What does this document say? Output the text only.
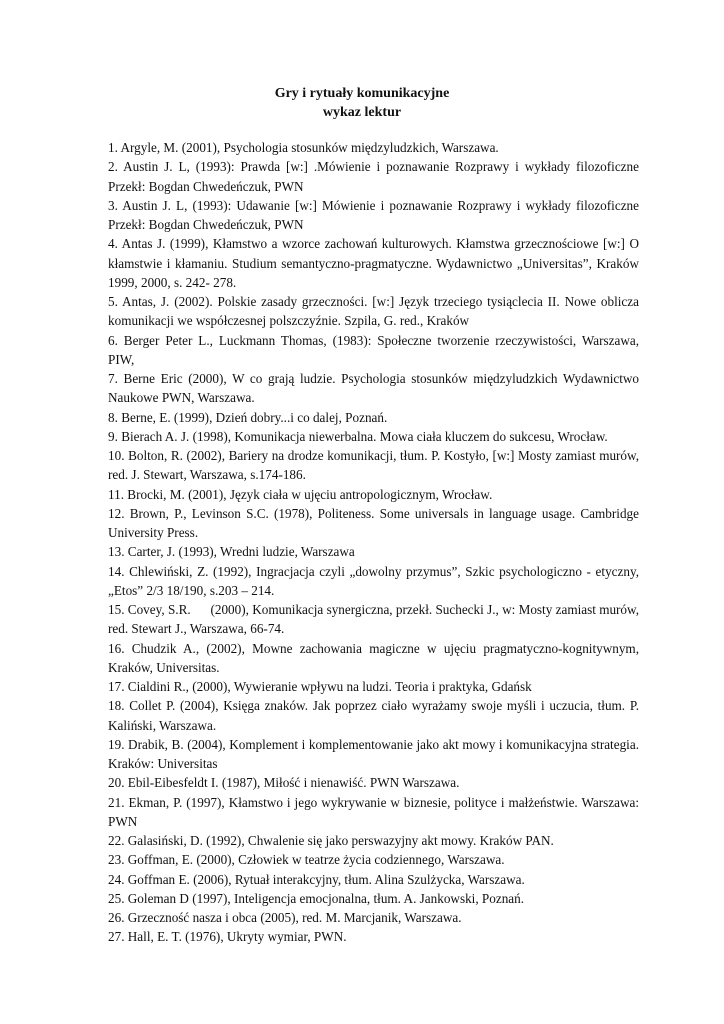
Gry i rytuały komunikacyjne
wykaz lektur
1. Argyle, M. (2001), Psychologia stosunków międzyludzkich, Warszawa.
2. Austin J. L, (1993): Prawda [w:] .Mówienie i poznawanie Rozprawy i wykłady filozoficzne Przekł: Bogdan Chwedeńczuk, PWN
3. Austin J. L, (1993): Udawanie [w:] Mówienie i poznawanie Rozprawy i wykłady filozoficzne Przekł: Bogdan Chwedeńczuk, PWN
4. Antas J. (1999), Kłamstwo a wzorce zachowań kulturowych. Kłamstwa grzecznościowe [w:] O kłamstwie i kłamaniu. Studium semantyczno-pragmatyczne. Wydawnictwo „Universitas”, Kraków 1999, 2000, s. 242- 278.
5. Antas, J. (2002). Polskie zasady grzeczności. [w:] Język trzeciego tysiąclecia II. Nowe oblicza komunikacji we współczesnej polszczyźnie. Szpila, G. red., Kraków
6. Berger Peter L., Luckmann Thomas, (1983): Społeczne tworzenie rzeczywistości, Warszawa, PIW,
7. Berne Eric (2000), W co grają ludzie. Psychologia stosunków międzyludzkich Wydawnictwo Naukowe PWN, Warszawa.
8. Berne, E. (1999), Dzień dobry...i co dalej, Poznań.
9. Bierach A. J. (1998), Komunikacja niewerbalna. Mowa ciała kluczem do sukcesu, Wrocław.
10. Bolton, R. (2002), Bariery na drodze komunikacji, tłum. P. Kostyło, [w:] Mosty zamiast murów, red. J. Stewart, Warszawa, s.174-186.
11. Brocki, M. (2001), Język ciała w ujęciu antropologicznym, Wrocław.
12. Brown, P., Levinson S.C. (1978), Politeness. Some universals in language usage. Cambridge University Press.
13. Carter, J. (1993), Wredni ludzie, Warszawa
14. Chlewiński, Z. (1992), Ingracjacja czyli „dowolny przymus”, Szkic psychologiczno - etyczny, „Etos” 2/3 18/190, s.203 – 214.
15. Covey, S.R.      (2000), Komunikacja synergiczna, przekł. Suchecki J., w: Mosty zamiast murów, red. Stewart J., Warszawa, 66-74.
16. Chudzik A., (2002), Mowne zachowania magiczne w ujęciu pragmatyczno-kognitywnym, Kraków, Universitas.
17. Cialdini R., (2000), Wywieranie wpływu na ludzi. Teoria i praktyka, Gdańsk
18. Collet P. (2004), Księga znaków. Jak poprzez ciało wyrażamy swoje myśli i uczucia, tłum. P. Kaliński, Warszawa.
19. Drabik, B. (2004), Komplement i komplementowanie jako akt mowy i komunikacyjna strategia. Kraków: Universitas
20. Ebil-Eibesfeldt I. (1987), Miłość i nienawiść. PWN Warszawa.
21. Ekman, P. (1997), Kłamstwo i jego wykrywanie w biznesie, polityce i małżeństwie. Warszawa: PWN
22. Galasiński, D. (1992), Chwalenie się jako perswazyjny akt mowy. Kraków PAN.
23. Goffman, E. (2000), Człowiek w teatrze życia codziennego, Warszawa.
24. Goffman E. (2006), Rytuał interakcyjny, tłum. Alina Szulżycka, Warszawa.
25. Goleman D (1997), Inteligencja emocjonalna, tłum. A. Jankowski, Poznań.
26. Grzeczność nasza i obca (2005), red. M. Marcjanik, Warszawa.
27. Hall, E. T. (1976), Ukryty wymiar, PWN.
